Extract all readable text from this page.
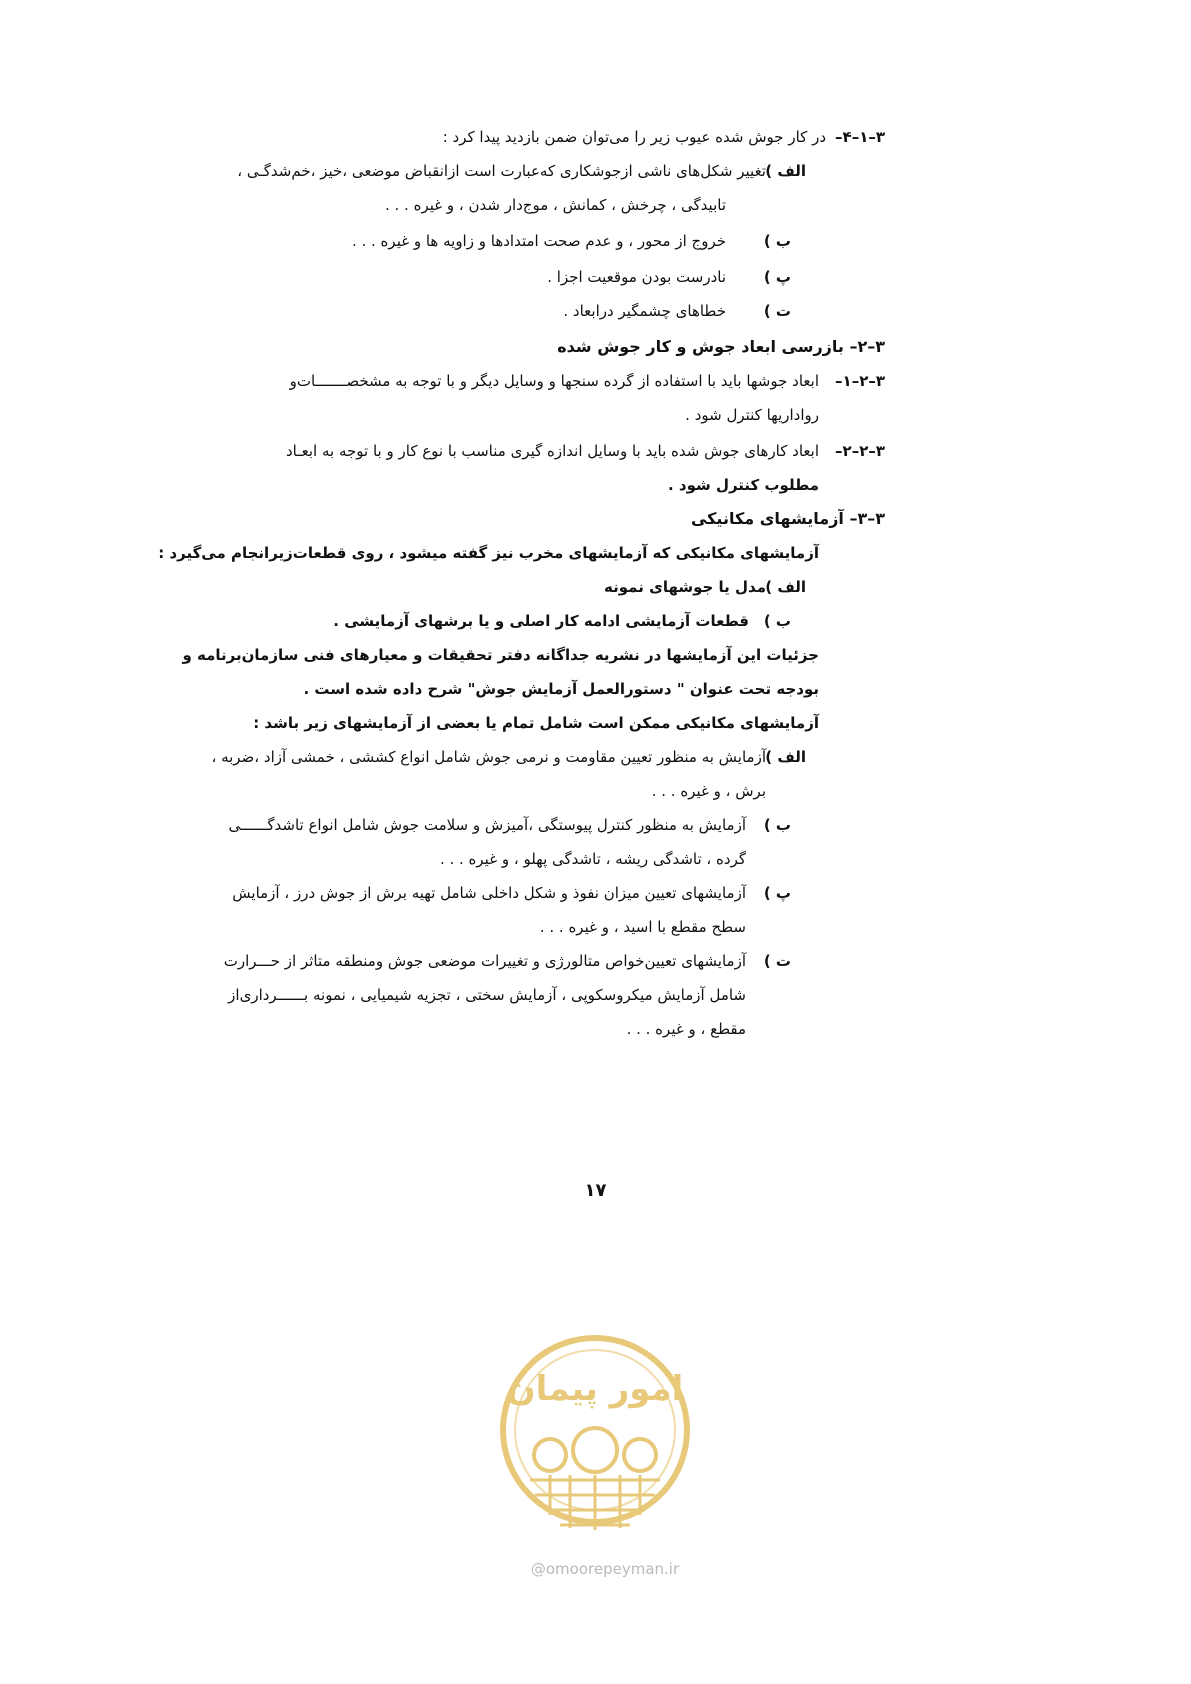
۳–۱–۴–
در کار جوش شده عیوب زیر را می‌توان ضمن بازدید پیدا کرد :
الف )
تغییر شکل‌های ناشی ازجوشکاری که‌عبارت است ازانقباض موضعی ،خیز ،خم‌شدگـی ،
تابیدگی ، چرخش ، کمانش ، موج‌دار شدن ، و غیره . . .
ب )
خروج از محور ، و عدم صحت امتدادها و زاویه ها و غیره . . .
پ )
نادرست بودن موقعیت اجزا .
ت )
خطاهای چشمگیر درابعاد .
۳–۲– بازرسی ابعاد جوش و کار جوش شده
۳–۲–۱–
ابعاد جوشها باید با استفاده از گرده سنجها و وسایل دیگر و با توجه به مشخصـــــــات‌و
رواداریها کنترل شود .
۳–۲–۲–
ابعاد کارهای جوش شده باید با وسایل اندازه گیری مناسب با نوع کار و با توجه به ابعـاد
مطلوب کنترل شود .
۳–۳– آزمایشهای مکانیکی
آزمایشهای مکانیکی که آزمایشهای مخرب نیز گفته میشود ، روی قطعات‌زیرانجام می‌گیرد :
الف )
مدل یا جوشهای نمونه
ب )
قطعات آزمایشی ادامه کار اصلی و یا برشهای آزمایشی .
جزئیات این آزمایشها در نشریه جداگانه دفتر تحقیقات و معیارهای فنی سازمان‌برنامه و
بودجه تحت عنوان " دستورالعمل آزمایش جوش" شرح داده شده است .
آزمایشهای مکانیکی ممکن است شامل تمام یا بعضی از آزمایشهای زیر باشد :
الف )
آزمایش به منظور تعیین مقاومت و نرمی جوش شامل انواع کششی ، خمشی آزاد ،ضربه ،
برش ، و غیره . . .
ب )
آزمایش به منظور کنترل پیوستگی ،آمیزش و سلامت جوش شامل انواع تاشدگــــــی
گرده ، تاشدگی ریشه ، تاشدگی پهلو ، و غیره . . .
پ )
آزمایشهای تعیین میزان نفوذ و شکل داخلی شامل تهیه برش از جوش درز ، آزمایش
سطح مقطع با اسید ، و غیره . . .
ت )
آزمایشهای تعیین‌خواص متالورژی و تغییرات موضعی جوش ومنطقه متاثر از حـــرارت
شامل آزمایش میکروسکوپی ، آزمایش سختی ، تجزیه شیمیایی ، نمونه بــــــرداری‌از
مقطع ، و غیره . . .
۱۷
امور پیمان
@omoorepeyman.ir
